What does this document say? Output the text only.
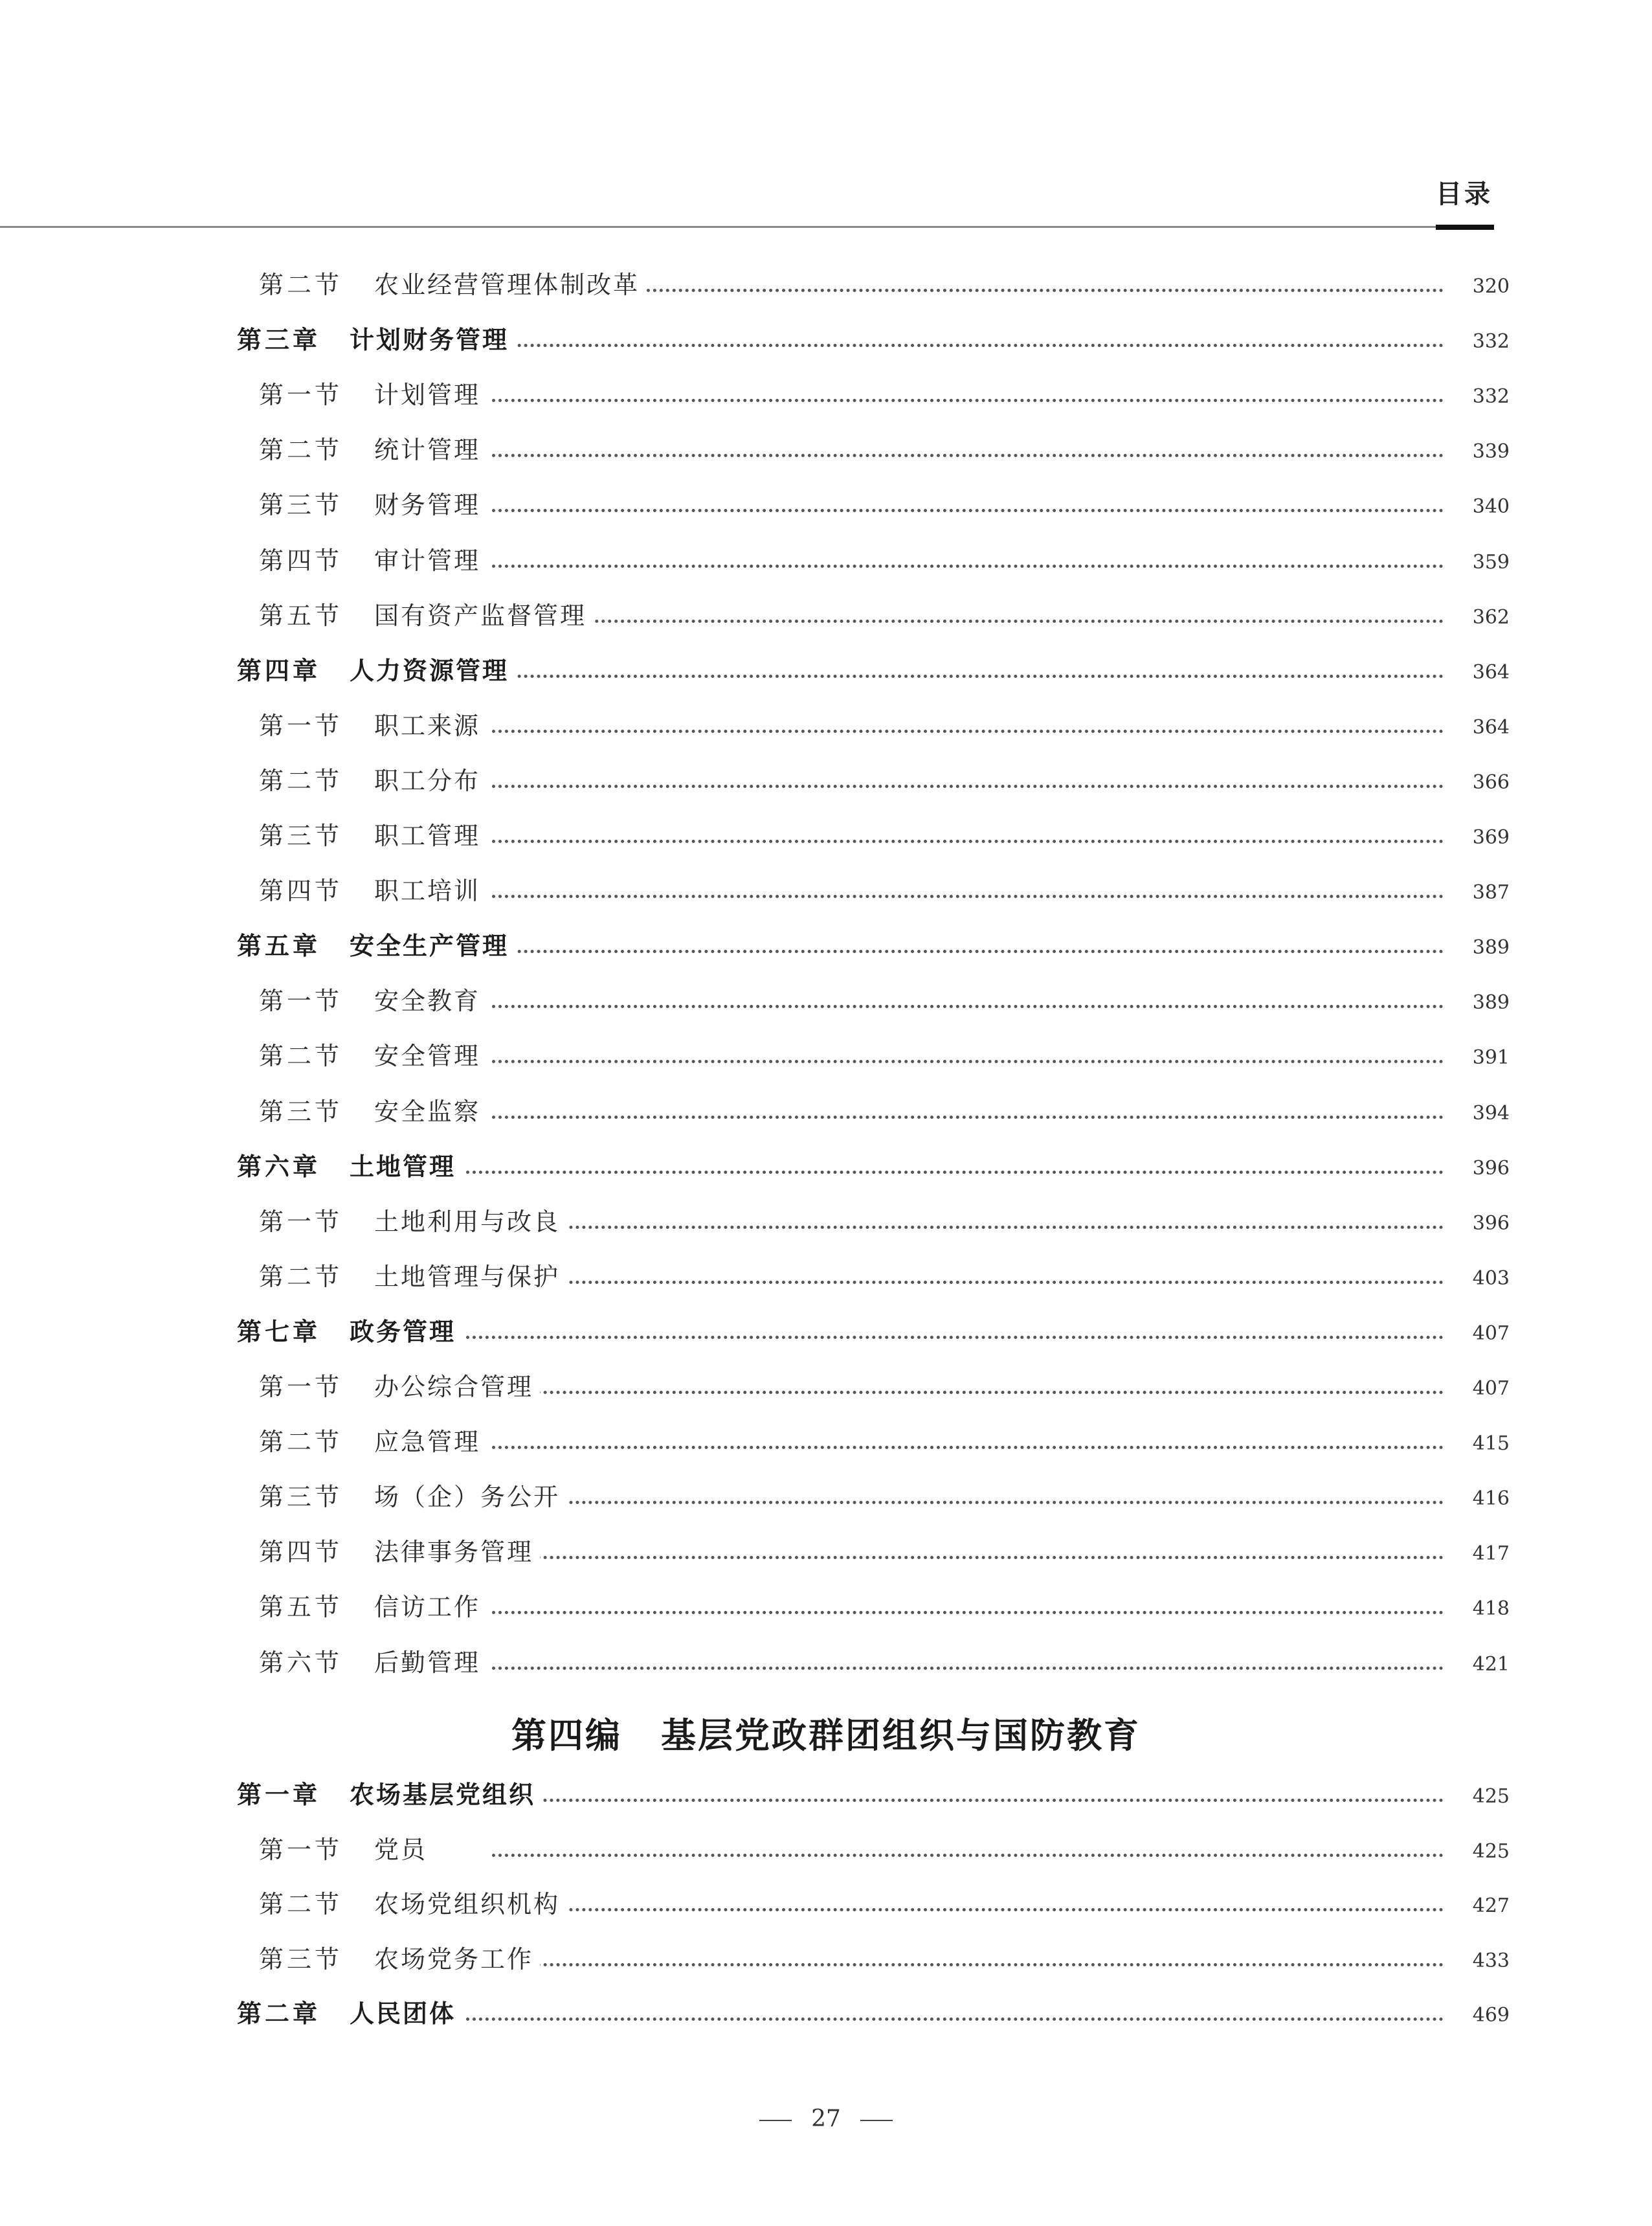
目录
第二节 农业经营管理体制改革	320
第三章 计划财务管理	332
第一节 计划管理	332
第二节 统计管理	339
第三节 财务管理	340
第四节 审计管理	359
第五节 国有资产监督管理	362
第四章 人力资源管理	364
第一节 职工来源	364
第二节 职工分布	366
第三节 职工管理	369
第四节 职工培训	387
第五章 安全生产管理	389
第一节 安全教育	389
第二节 安全管理	391
第三节 安全监察	394
第六章 土地管理	396
第一节 土地利用与改良	396
第二节 土地管理与保护	403
第七章 政务管理	407
第一节 办公综合管理	407
第二节 应急管理	415
第三节 场（企）务公开	416
第四节 法律事务管理	417
第五节 信访工作	418
第六节 后勤管理	421
第一章 农场基层党组织	425
第一节 党员	425
第二节 农场党组织机构	427
第三节 农场党务工作	433
第二章 人民团体	469
第四编 基层党政群团组织与国防教育
27
